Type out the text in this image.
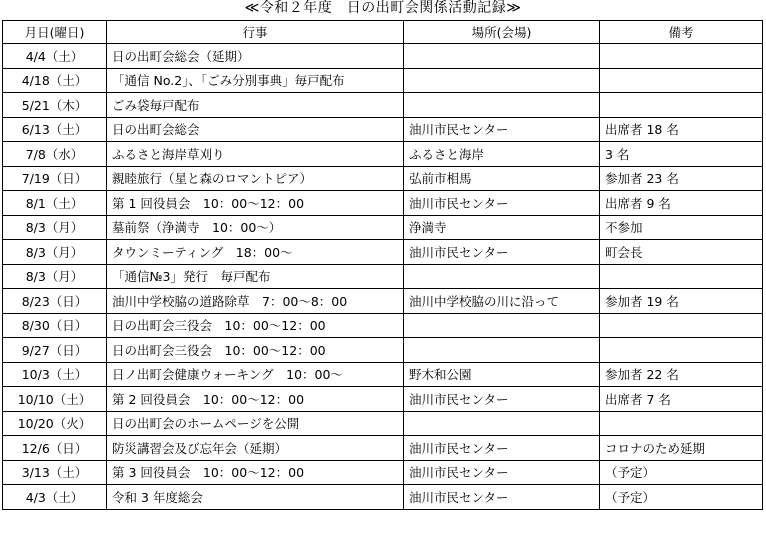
≪令和２年度　日の出町会関係活動記録≫
月日(曜日)	行事	場所(会場)	備考
4/4（土）	日の出町会総会（延期）		
4/18（土）	「通信 No.2」、「ごみ分別事典」毎戸配布		
5/21（木）	ごみ袋毎戸配布		
6/13（土）	日の出町会総会	油川市民センター	出席者 18 名
7/8（水）	ふるさと海岸草刈り	ふるさと海岸	3 名
7/19（日）	親睦旅行（星と森のロマントピア）	弘前市相馬	参加者 23 名
8/1（土）	第 1 回役員会　10：00～12：00	油川市民センター	出席者 9 名
8/3（月）	墓前祭（浄満寺　10：00～）	浄満寺	不参加
8/3（月）	タウンミーティング　18：00～	油川市民センター	町会長
8/3（月）	「通信№3」発行　毎戸配布		
8/23（日）	油川中学校脇の道路除草　7：00～8：00	油川中学校脇の川に沿って	参加者 19 名
8/30（日）	日の出町会三役会　10：00～12：00		
9/27（日）	日の出町会三役会　10：00～12：00		
10/3（土）	日ノ出町会健康ウォーキング　10：00～	野木和公園	参加者 22 名
10/10（土）	第 2 回役員会　10：00～12：00	油川市民センター	出席者 7 名
10/20（火）	日の出町会のホームページを公開		
12/6（日）	防災講習会及び忘年会（延期）	油川市民センター	コロナのため延期
3/13（土）	第 3 回役員会　10：00～12：00	油川市民センター	（予定）
4/3（土）	令和 3 年度総会	油川市民センター	（予定）
